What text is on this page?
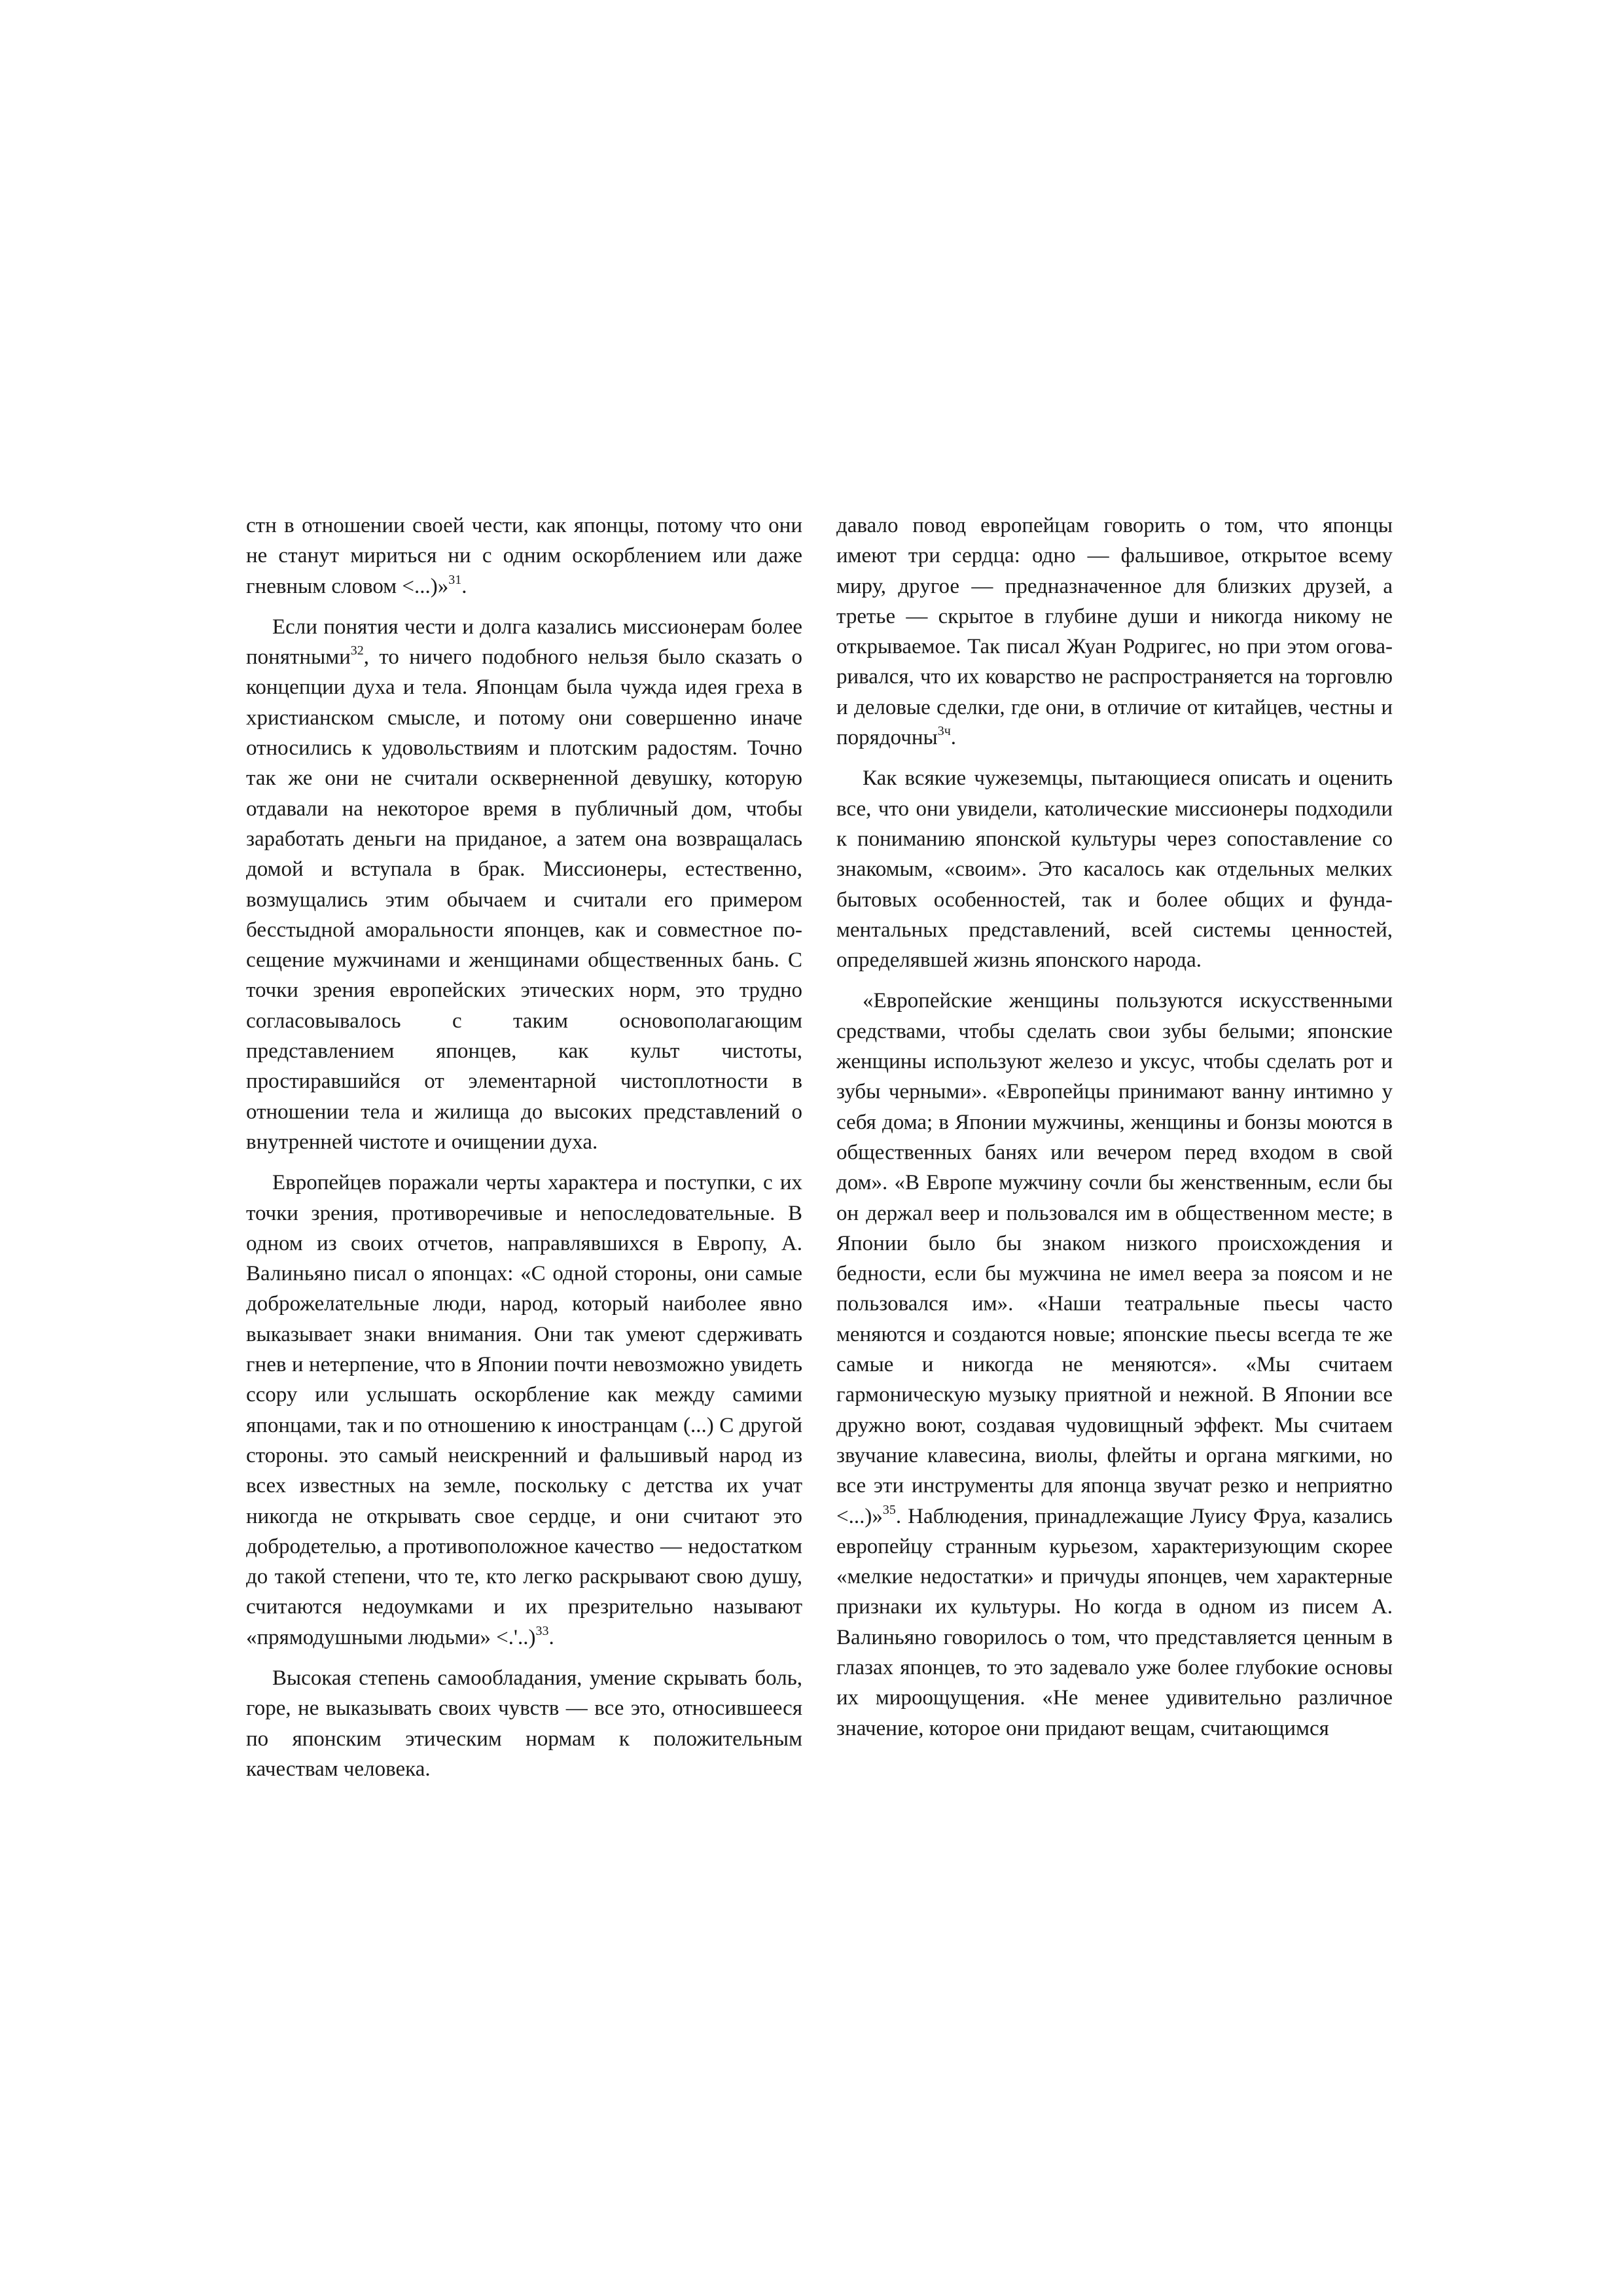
стн в отношении своей чести, как японцы, потому что они не станут мириться ни с одним оскорблением или даже гневным словом <...)»$^{31}$.

Если понятия чести и долга казались миссионерам более понятными$^{32}$, то ничего подобного нельзя было сказать о концепции духа и тела. Японцам была чужда идея греха в христианском смысле, и потому они совершенно иначе относились к удовольствиям и плотским радостям. Точно так же они не считали оскверненной девушку, которую отдавали на некоторое время в публичный дом, чтобы заработать деньги на приданое, а затем она возвращалась домой и вступала в брак. Миссионеры, естественно, возмущались этим обычаем и считали его примером бесстыдной аморальности японцев, как и совместное посещение мужчинами и женщинами общественных бань. С точки зрения европейских этических норм, это трудно согласовывалось с таким основополагающим представлением японцев, как культ чистоты, простиравшийся от элементарной чистоплотности в отношении тела и жилища до высоких представлений о внутренней чистоте и очищении духа.

Европейцев поражали черты характера и поступки, с их точки зрения, противоречивые и непоследовательные. В одном из своих отчетов, направлявшихся в Европу, А. Валиньяно писал о японцах: «С одной стороны, они самые доброжелательные люди, народ, который наиболее явно выказывает знаки внимания. Они так умеют сдерживать гнев и нетерпение, что в Японии почти невозможно увидеть ссору или услышать оскорбление как между самими японцами, так и по отношению к иностранцам (...) С другой стороны. это самый неискренний и фальшивый народ из всех известных на земле, поскольку с детства их учат никогда не открывать свое сердце, и они считают это добродетелью, а противоположное качество — недостатком до такой степени, что те, кто легко раскрывают свою душу, считаются недоумками и их презрительно называют «прямодушными людьми» <.'..)$^{33}$.

Высокая степень самообладания, умение скрывать боль, горе, не выказывать своих чувств — все это, относившееся по японским этическим нормам к положительным качествам человека.

давало повод европейцам говорить о том, что японцы имеют три сердца: одно — фальшивое, открытое всему миру, другое — предназначенное для близких друзей, а третье — скрытое в глубине души и никогда никому не открываемое. Так писал Жуан Родригес, но при этом оговаривался, что их коварство не распространяется на торговлю и деловые сделки, где они, в отличие от китайцев, честны и порядочны$^{3ч}$.

Как всякие чужеземцы, пытающиеся описать и оценить все, что они увидели, католические миссионеры подходили к пониманию японской культуры через сопоставление со знакомым, «своим». Это касалось как отдельных мелких бытовых особенностей, так и более общих и фундаментальных представлений, всей системы ценностей, определявшей жизнь японского народа.

«Европейские женщины пользуются искусственными средствами, чтобы сделать свои зубы белыми; японские женщины используют железо и уксус, чтобы сделать рот и зубы черными». «Европейцы принимают ванну интимно у себя дома; в Японии мужчины, женщины и бонзы моются в общественных банях или вечером перед входом в свой дом». «В Европе мужчину сочли бы женственным, если бы он держал веер и пользовался им в общественном месте; в Японии было бы знаком низкого происхождения и бедности, если бы мужчина не имел веера за поясом и не пользовался им». «Наши театральные пьесы часто меняются и создаются новые; японские пьесы всегда те же самые и никогда не меняются». «Мы считаем гармоническую музыку приятной и нежной. В Японии все дружно воют, создавая чудовищный эффект. Мы считаем звучание клавесина, виолы, флейты и органа мягкими, но все эти инструменты для японца звучат резко и неприятно <...)»$^{35}$. Наблюдения, принадлежащие Луису Фруа, казались европейцу странным курьезом, характеризующим скорее «мелкие недостатки» и причуды японцев, чем характерные признаки их культуры. Но когда в одном из писем А. Валиньяно говорилось о том, что представляется ценным в глазах японцев, то это задевало уже более глубокие основы их мироощущения. «Не менее удивительно различное значение, которое они придают вещам, считающимся
